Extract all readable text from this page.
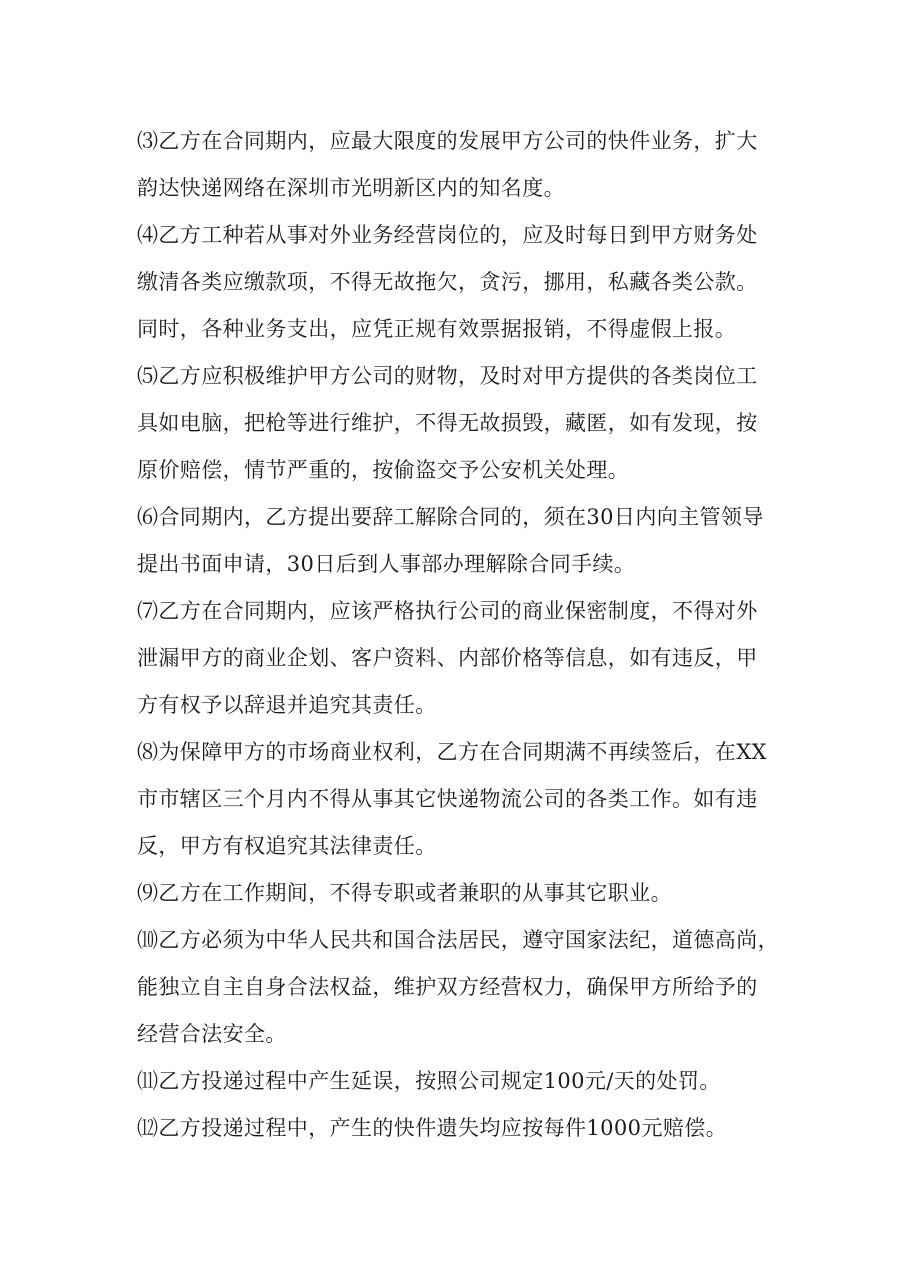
⑶乙方在合同期内，应最大限度的发展甲方公司的快件业务，扩大
韵达快递网络在深圳市光明新区内的知名度。
⑷乙方工种若从事对外业务经营岗位的，应及时每日到甲方财务处
缴清各类应缴款项，不得无故拖欠，贪污，挪用，私藏各类公款。
同时，各种业务支出，应凭正规有效票据报销，不得虚假上报。
⑸乙方应积极维护甲方公司的财物，及时对甲方提供的各类岗位工
具如电脑，把枪等进行维护，不得无故损毁，藏匿，如有发现，按
原价赔偿，情节严重的，按偷盗交予公安机关处理。
⑹合同期内，乙方提出要辞工解除合同的，须在30日内向主管领导
提出书面申请，30日后到人事部办理解除合同手续。
⑺乙方在合同期内，应该严格执行公司的商业保密制度，不得对外
泄漏甲方的商业企划、客户资料、内部价格等信息，如有违反，甲
方有权予以辞退并追究其责任。
⑻为保障甲方的市场商业权利，乙方在合同期满不再续签后，在XX
市市辖区三个月内不得从事其它快递物流公司的各类工作。如有违
反，甲方有权追究其法律责任。
⑼乙方在工作期间，不得专职或者兼职的从事其它职业。
⑽乙方必须为中华人民共和国合法居民，遵守国家法纪，道德高尚，
能独立自主自身合法权益，维护双方经营权力，确保甲方所给予的
经营合法安全。
⑾乙方投递过程中产生延误，按照公司规定100元/天的处罚。
⑿乙方投递过程中，产生的快件遗失均应按每件1000元赔偿。
